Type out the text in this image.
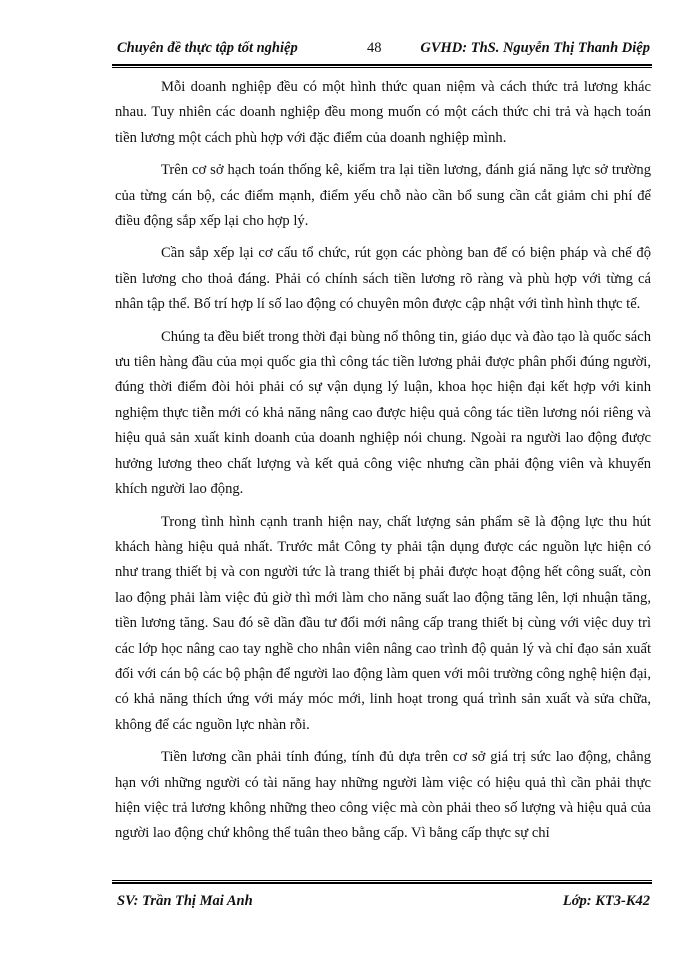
Chuyên đề thực tập tốt nghiệp	48	GVHD: ThS. Nguyễn Thị Thanh Diệp

Mỗi doanh nghiệp đều có một hình thức quan niệm và cách thức trả lương khác nhau. Tuy nhiên các doanh nghiệp đều mong muốn có một cách thức chi trả và hạch toán tiền lương một cách phù hợp với đặc điểm của doanh nghiệp mình.

Trên cơ sở hạch toán thống kê, kiểm tra lại tiền lương, đánh giá năng lực sở trường của từng cán bộ, các điểm mạnh, điểm yếu chỗ nào cần bổ sung cần cắt giảm chi phí để điều động sắp xếp lại cho hợp lý.

Cần sắp xếp lại cơ cấu tổ chức, rút gọn các phòng ban để có biện pháp và chế độ tiền lương cho thoả đáng. Phải có chính sách tiền lương rõ ràng và phù hợp với từng cá nhân tập thể. Bố trí hợp lí số lao động có chuyên môn được cập nhật với tình hình thực tế.

Chúng ta đều biết trong thời đại bùng nổ thông tin, giáo dục và đào tạo là quốc sách ưu tiên hàng đầu của mọi quốc gia thì công tác tiền lương phải được phân phối đúng người, đúng thời điểm đòi hỏi phải có sự vận dụng lý luận, khoa học hiện đại kết hợp với kinh nghiệm thực tiễn mới có khả năng nâng cao được hiệu quả công tác tiền lương nói riêng và hiệu quả sản xuất kinh doanh của doanh nghiệp nói chung. Ngoài ra người lao động được hưởng lương theo chất lượng và kết quả công việc nhưng cần phải động viên và khuyến khích người lao động.

Trong tình hình cạnh tranh hiện nay, chất lượng sản phẩm sẽ là động lực thu hút khách hàng hiệu quả nhất. Trước mắt Công ty phải tận dụng được các nguồn lực hiện có như trang thiết bị và con người tức là trang thiết bị phải được hoạt động hết công suất, còn lao động phải làm việc đủ giờ thì mới làm cho năng suất lao động tăng lên, lợi nhuận tăng, tiền lương tăng. Sau đó sẽ dần đầu tư đổi mới nâng cấp trang thiết bị cùng với việc duy trì các lớp học nâng cao tay nghề cho nhân viên nâng cao trình độ quản lý và chỉ đạo sản xuất đối với cán bộ các bộ phận để người lao động làm quen với môi trường công nghệ hiện đại, có khả năng thích ứng với máy móc mới, linh hoạt trong quá trình sản xuất và sửa chữa, không để các nguồn lực nhàn rỗi.

Tiền lương cần phải tính đúng, tính đủ dựa trên cơ sở giá trị sức lao động, chẳng hạn với những người có tài năng hay những người làm việc có hiệu quả thì cần phải thực hiện việc trả lương không những theo công việc mà còn phải theo số lượng và hiệu quả của người lao động chứ không thể tuân theo bằng cấp. Vì bằng cấp thực sự chỉ

SV: Trần Thị Mai Anh	Lớp: KT3-K42
